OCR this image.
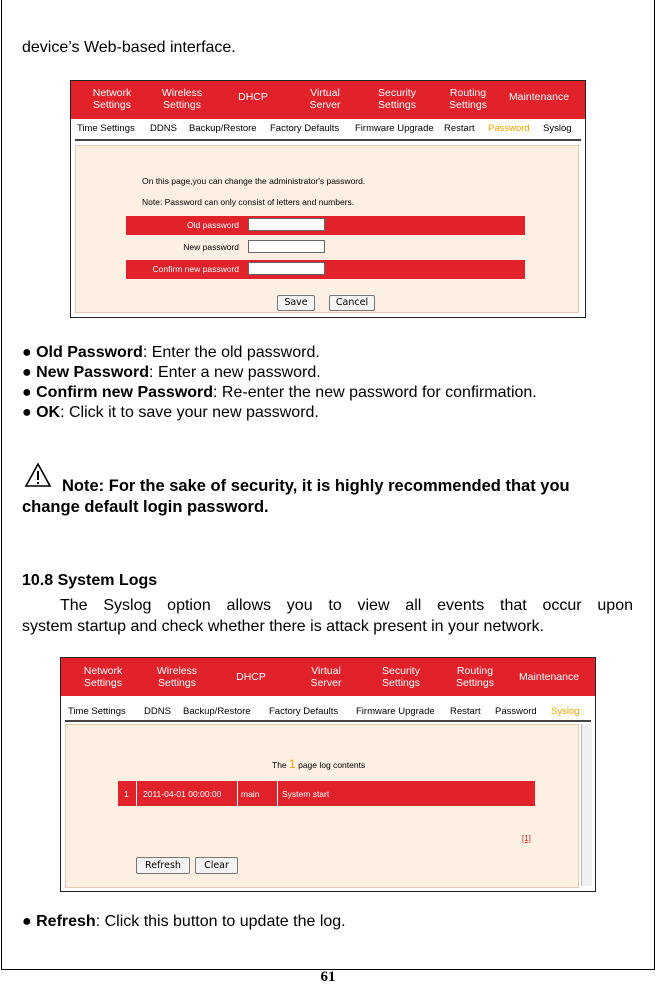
device’s Web-based interface.
Network
Settings
Wireless
Settings
DHCP	Virtual
Server
Security
Settings
Routing
Settings
Maintenance
Time Settings DDNS Backup/Restore Factory Defaults Firmware Upgrade Restart Password Syslog
On this page,you can change the administrator's password.
Note: Password can only consist of letters and numbers.
Old password
New password
Confirm new password
Save	Cancel
● Old Password: Enter the old password.
● New Password: Enter a new password.
● Confirm new Password: Re-enter the new password for confirmation.
● OK: Click it to save your new password.
Note: For the sake of security, it is highly recommended that you
change default login password.
10.8 System Logs
The Syslog option allows you to view all events that occur upon
system startup and check whether there is attack present in your network.
Network
Settings
Wireless
Settings	DHCP	Virtual
Server
Security
Settings
Routing
Settings Maintenance
Time Settings DDNS Backup/Restore Factory Defaults Firmware Upgrade Restart Password Syslog
The 1 page log contents
1 2011-04-01 00:00:00 main	System start
[1]
Refresh	Clear
● Refresh: Click this button to update the log.
61
